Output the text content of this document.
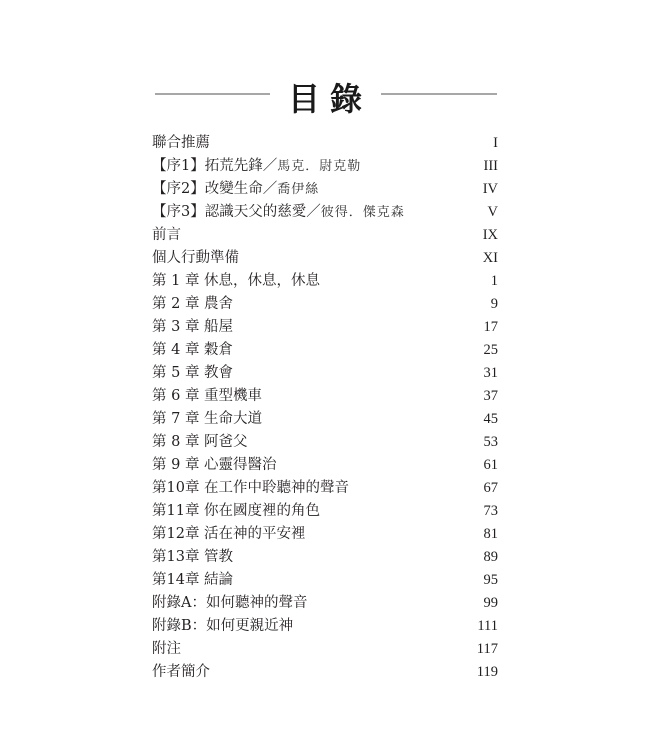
目錄
聯合推薦	I
【序1】拓荒先鋒／ 馬克．尉克勒	III
【序2】改變生命／ 喬伊絲	IV
【序3】認識天父的慈愛／ 彼得．傑克森	V
前言	IX
個人行動準備	XI
第 1 章 休息，休息，休息	1
第 2 章 農舍	9
第 3 章 船屋	17
第 4 章 穀倉	25
第 5 章 教會	31
第 6 章 重型機車	37
第 7 章 生命大道	45
第 8 章 阿爸父	53
第 9 章 心靈得醫治	61
第10章 在工作中聆聽神的聲音	67
第11章 你在國度裡的角色	73
第12章 活在神的平安裡	81
第13章 管教	89
第14章 結論	95
附錄A：如何聽神的聲音	99
附錄B：如何更親近神	111
附注	117
作者簡介	119
